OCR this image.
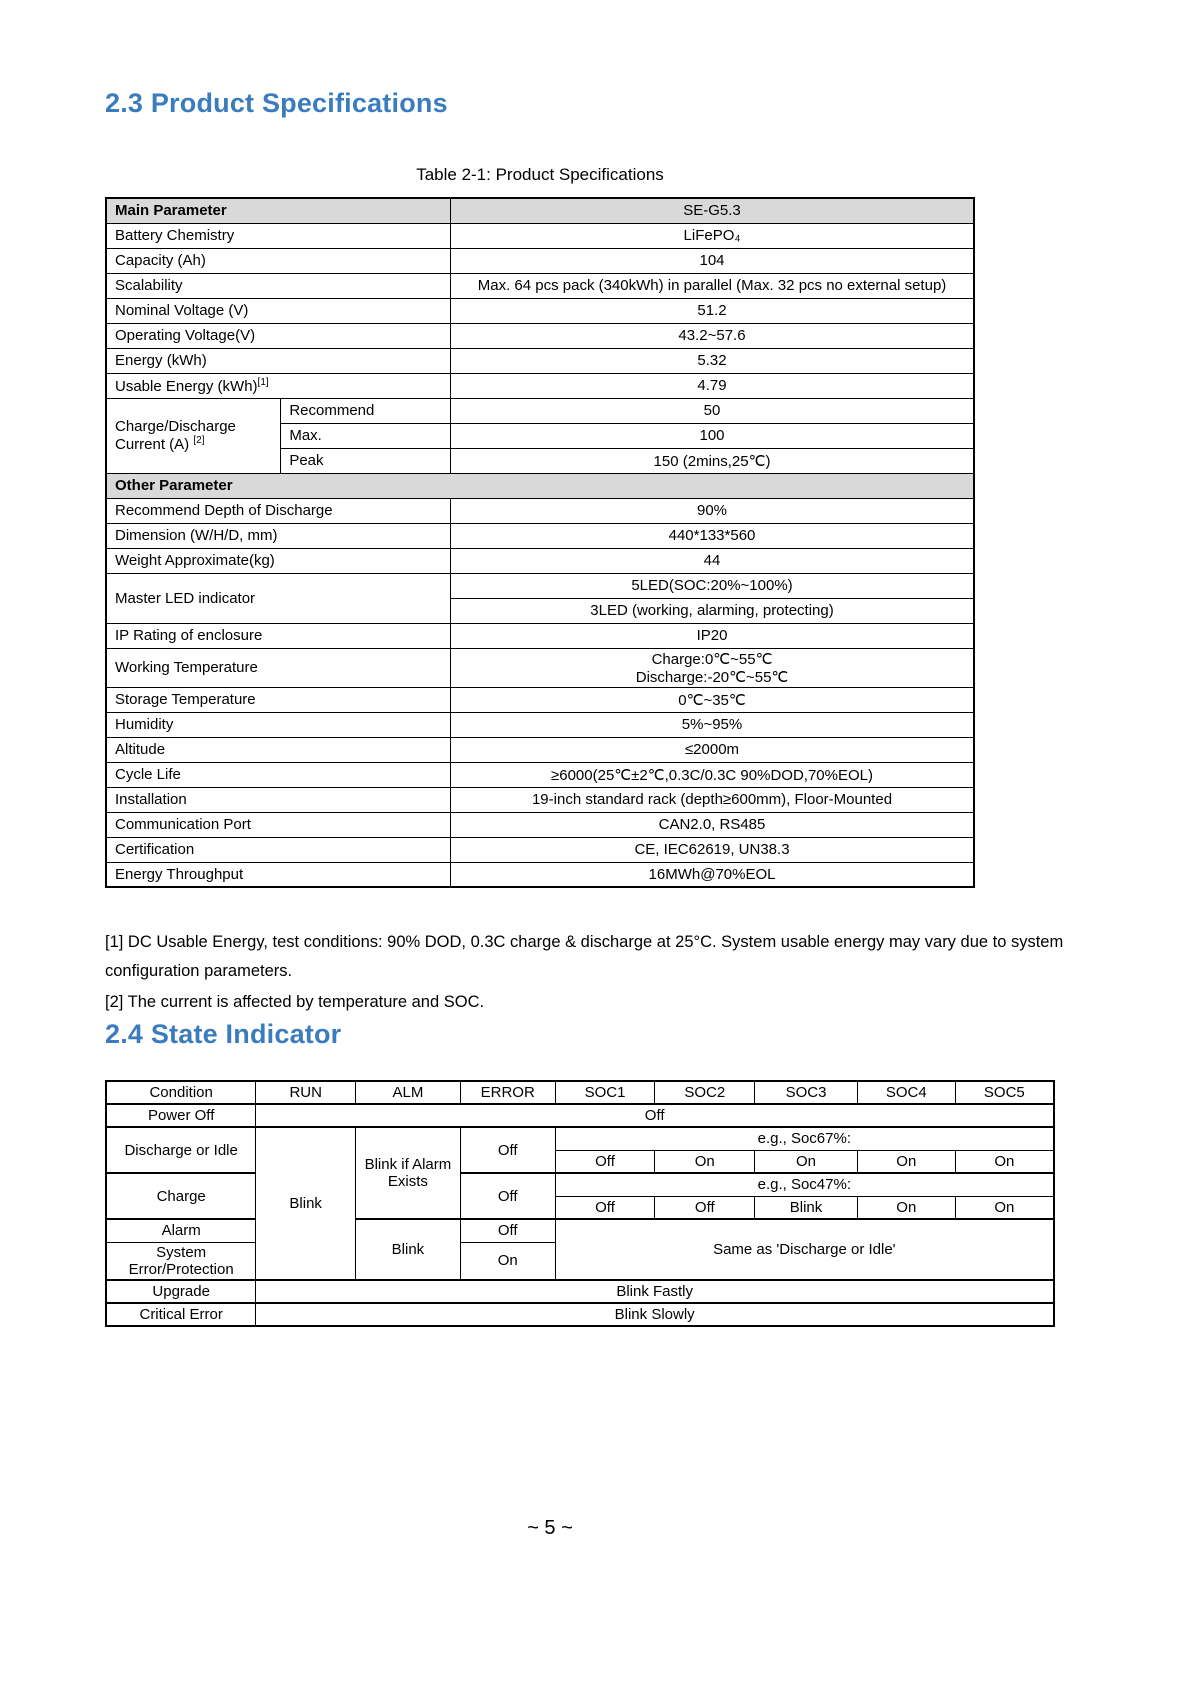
2.3 Product Specifications
Table 2-1: Product Specifications
Main Parameter		SE-G5.3
Battery Chemistry		LiFePO₄
Capacity (Ah)		104
Scalability		Max. 64 pcs pack (340kWh) in parallel (Max. 32 pcs no external setup)
Nominal Voltage (V)		51.2
Operating Voltage(V)		43.2~57.6
Energy (kWh)		5.32
Usable Energy (kWh)[1]		4.79
Charge/Discharge Current (A) [2]	Recommend	50
	Max.	100
	Peak	150 (2mins,25℃)
Other Parameter		
Recommend Depth of Discharge		90%
Dimension (W/H/D, mm)		440*133*560
Weight Approximate(kg)		44
Master LED indicator		5LED(SOC:20%~100%)
		3LED (working, alarming, protecting)
IP Rating of enclosure		IP20
Working Temperature		Charge:0℃~55℃
Discharge:-20℃~55℃

Storage Temperature		0℃~35℃
Humidity		5%~95%
Altitude		≤2000m
Cycle Life		≥6000(25℃±2℃,0.3C/0.3C 90%DOD,70%EOL)
Installation		19-inch standard rack (depth≥600mm), Floor-Mounted
Communication Port		CAN2.0, RS485
Certification		CE, IEC62619, UN38.3
Energy Throughput		16MWh@70%EOL

[1] DC Usable Energy, test conditions: 90% DOD, 0.3C charge & discharge at 25°C. System usable energy may vary due to system configuration parameters.

[2] The current is affected by temperature and SOC.

2.4 State Indicator
Condition	RUN	ALM	ERROR	SOC1	SOC2	SOC3	SOC4	SOC5
Power Off	Off							
Discharge or Idle	Blink	Blink if Alarm Exists	Off	e.g., Soc67%:				
				Off	On	On	On	On
Charge			Off	e.g., Soc47%:				
				Off	Off	Blink	On	On
Alarm		Blink	Off	Same as 'Discharge or Idle'				
System Error/Protection			On					
Upgrade	Blink Fastly							
Critical Error	Blink Slowly							
~ 5 ~
